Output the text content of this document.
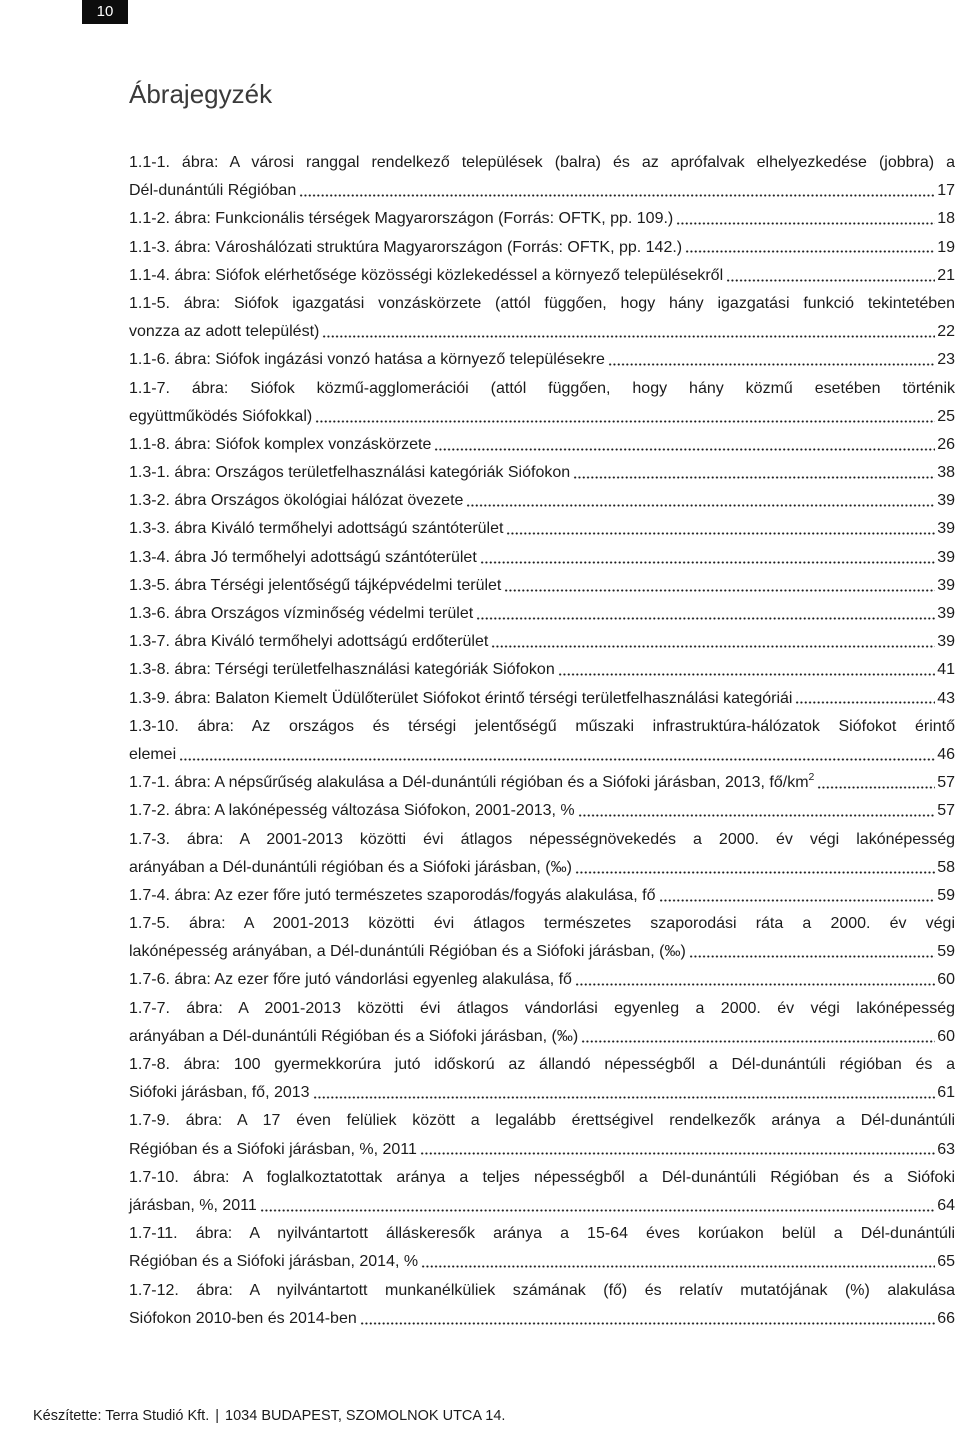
10
Ábrajegyzék
1.1-1. ábra: A városi ranggal rendelkező települések (balra) és az aprófalvak elhelyezkedése (jobbra) a
Dél-dunántúli Régióban	17
1.1-2. ábra: Funkcionális térségek Magyarországon (Forrás: OFTK, pp. 109.)	18
1.1-3. ábra: Városhálózati struktúra Magyarországon (Forrás: OFTK, pp. 142.)	19
1.1-4. ábra: Siófok elérhetősége közösségi közlekedéssel a környező településekről	21
1.1-5. ábra: Siófok igazgatási vonzáskörzete (attól függően, hogy hány igazgatási funkció tekintetében
vonzza az adott települést)	22
1.1-6. ábra: Siófok ingázási vonzó hatása a környező településekre	23
1.1-7. ábra: Siófok közmű-agglomerációi (attól függően, hogy hány közmű esetében történik
együttműködés Siófokkal)	25
1.1-8. ábra: Siófok komplex vonzáskörzete	26
1.3-1. ábra: Országos területfelhasználási kategóriák Siófokon	38
1.3-2. ábra Országos ökológiai hálózat övezete	39
1.3-3. ábra Kiváló termőhelyi adottságú szántóterület	39
1.3-4. ábra Jó termőhelyi adottságú szántóterület	39
1.3-5. ábra Térségi jelentőségű tájképvédelmi terület	39
1.3-6. ábra Országos vízminőség védelmi terület	39
1.3-7. ábra Kiváló termőhelyi adottságú erdőterület	39
1.3-8. ábra: Térségi területfelhasználási kategóriák Siófokon	41
1.3-9. ábra: Balaton Kiemelt Üdülőterület Siófokot érintő térségi területfelhasználási kategóriái	43
1.3-10. ábra: Az országos és térségi jelentőségű műszaki infrastruktúra-hálózatok Siófokot érintő
elemei	46
1.7-1. ábra: A népsűrűség alakulása a Dél-dunántúli régióban és a Siófoki járásban, 2013, $fő/km^2$	57
1.7-2. ábra: A lakónépesség változása Siófokon, 2001-2013, %	57
1.7-3. ábra: A 2001-2013 közötti évi átlagos népességnövekedés a 2000. év végi lakónépesség
arányában a Dél-dunántúli régióban és a Siófoki járásban, (‰)	58
1.7-4. ábra: Az ezer főre jutó természetes szaporodás/fogyás alakulása, fő	59
1.7-5. ábra: A 2001-2013 közötti évi átlagos természetes szaporodási ráta a 2000. év végi
lakónépesség arányában, a Dél-dunántúli Régióban és a Siófoki járásban, (‰)	59
1.7-6. ábra: Az ezer főre jutó vándorlási egyenleg alakulása, fő	60
1.7-7. ábra: A 2001-2013 közötti évi átlagos vándorlási egyenleg a 2000. év végi lakónépesség
arányában a Dél-dunántúli Régióban és a Siófoki járásban, (‰)	60
1.7-8. ábra: 100 gyermekkorúra jutó időskorú az állandó népességből a Dél-dunántúli régióban és a
Siófoki járásban, fő, 2013	61
1.7-9. ábra: A 17 éven felüliek között a legalább érettségivel rendelkezők aránya a Dél-dunántúli
Régióban és a Siófoki járásban, %, 2011	63
1.7-10. ábra: A foglalkoztatottak aránya a teljes népességből a Dél-dunántúli Régióban és a Siófoki
járásban, %, 2011	64
1.7-11. ábra: A nyilvántartott álláskeresők aránya a 15-64 éves korúakon belül a Dél-dunántúli
Régióban és a Siófoki járásban, 2014, %	65
1.7-12. ábra: A nyilvántartott munkanélküliek számának (fő) és relatív mutatójának (%) alakulása
Siófokon 2010-ben és 2014-ben	66
Készítette: Terra Studió Kft. | 1034 BUDAPEST, SZOMOLNOK UTCA 14.
